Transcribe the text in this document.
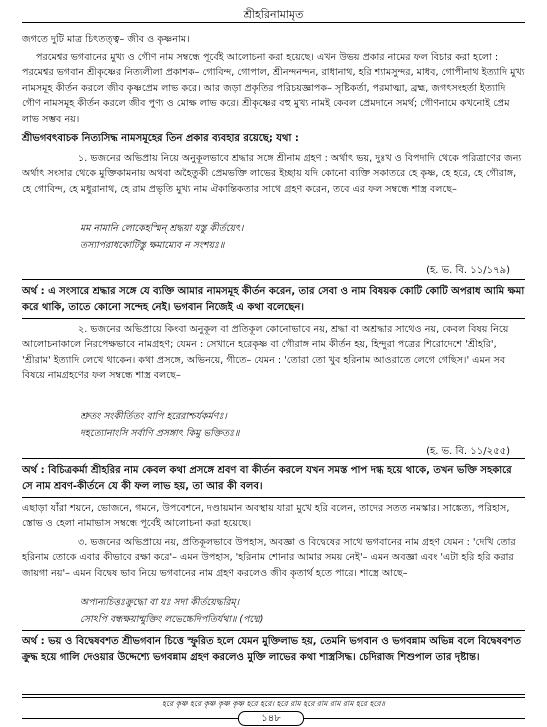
শ্রীহরিনামামৃত
জগতে দুটি মাত্র চিৎতত্ত্ব– জীব ও কৃষ্ণনাম।
পরমেশ্বর ভগবানের মুখ্য ও গৌণ নাম সম্বন্ধে পূর্বেই আলোচনা করা হয়েছে। এখন উভয় প্রকার নামের ফল বিচার করা হলো : পরমেশ্বর ভগবান শ্রীকৃষ্ণের নিত্যলীলা প্রকাশক– গোবিন্দ, গোপাল, শ্রীনন্দনন্দন, রাধানাথ, হরি শ্যামসুন্দর, মাধব, গোপীনাথ ইত্যাদি মুখ্য নামসমূহ কীর্তন করলে জীব কৃষ্ণপ্রেম লাভ করে। আর জড়া প্রকৃতির পরিচয়জ্ঞাপক– সৃষ্টিকর্তা, পরমাত্মা, ব্রহ্ম, জগৎসংহর্তা ইত্যাদি গৌণ নামসমূহ কীর্তন করলে জীব পুণ্য ও মোক্ষ লাভ করে। শ্রীকৃষ্ণের বহু মুখ্য নামই কেবল প্রেমদানে সমর্থ; গৌণনামে কখনোই প্রেম লাভ সম্ভব নয়।
শ্রীভগবৎবাচক নিত্যসিদ্ধ নামসমূহের তিন প্রকার ব্যবহার রয়েছে; যথা :
১. ভজনের অভিপ্রায় নিয়ে অনুকূলভাবে শ্রদ্ধার সঙ্গে শ্রীনাম গ্রহণ : অর্থাৎ ভয়, দুঃখ ও বিপদাদি থেকে পরিত্রাণের জন্য অর্থাৎ সংসার থেকে মুক্তিকামনায় অথবা অহৈতুকী প্রেমভক্তি লাভের ইচ্ছায় যদি কোনো ব্যক্তি সকাতরে হে কৃষ্ণ, হে হরে, হে গৌরাঙ্গ, হে গোবিন্দ, হে মধুরানাথ, হে রাম প্রভৃতি মুখ্য নাম ঐকান্তিকতার সাথে গ্রহণ করেন, তবে এর ফল সম্বন্ধে শাস্ত্র বলছে–
মম নামানি লোকেহস্মিন্ শ্রদ্ধয়া যস্তু কীর্তয়েৎ।
তস্যাপরাধকোটিস্তু ক্ষমাম্যেব ন সংশয়ঃ॥
(হ. ভ. বি. ১১/১৭৯)
অর্থ : এ সংসারে শ্রদ্ধার সঙ্গে যে ব্যক্তি আমার নামসমূহ কীর্তন করেন, তার সেবা ও নাম বিষয়ক কোটি কোটি অপরাধ আমি ক্ষমা করে থাকি, তাতে কোনো সন্দেহ নেই। ভগবান নিজেই এ কথা বলেছেন।
২. ভজনের অভিপ্রায়ে কিংবা অনুকূল বা প্রতিকূল কোনোভাবে নয়, শ্রদ্ধা বা অশ্রদ্ধার সাথেও নয়, কেবল বিষয় নিয়ে আলোচনাকালে নিরপেক্ষভাবে নামগ্রহণ; যেমন : সেখানে হরেকৃষ্ণ বা গৌরাঙ্গ নাম কীর্তন হয়, হিন্দুরা পত্রের শিরোদেশে 'শ্রীহরি', 'শ্রীরাম' ইত্যাদি লেখে থাকেন। কথা প্রসঙ্গে, অভিনয়ে, গীতে– যেমন : 'তোরা তো খুব হরিনাম আওরাতে লেগে গেছিস।' এমন সব বিষয়ে নামগ্রহণের ফল সম্বন্ধে শাস্ত্র বলছে–
শ্রুতং সংকীর্তিতং বাপি হরেরাশ্চর্যকর্মণঃ।
দহত্যোনাংসি সর্বাণি প্রসঙ্গাৎ কিমু ভক্তিতঃ॥
(হ. ভ. বি. ১১/২৫৫)
অর্থ : বিচিত্রকর্মা শ্রীহরির নাম কেবল কথা প্রসঙ্গে শ্রবণ বা কীর্তন করলে যখন সমস্ত পাপ দগ্ধ হয়ে থাকে, তখন ভক্তি সহকারে সে নাম শ্রবণ-কীর্তনে যে কী ফল লাভ হয়, তা আর কী বলব।
এছাড়া যাঁরা শয়নে, ভোজনে, গমনে, উপবেশনে, দণ্ডায়মান অবস্থায় যারা মুখে হরি বলেন, তাদের সতত নমস্কার। সাঙ্কেত্য, পরিহাস, স্তোভ ও হেলা নামাভাস সম্বন্ধে পূর্বেই আলোচনা করা হয়েছে।
৩. ভজনের অভিপ্রায়ে নয়, প্রতিকূলভাবে উপহাস, অবজ্ঞা ও বিদ্বেষের সাথে ভগবানের নাম গ্রহণ যেমন : 'দেখি তোর হরিনাম তোকে এবার কীভাবে রক্ষা করে'– এমন উপহাস, 'হরিনাম শোনার আমার সময় নেই'– এমন অবজ্ঞা এবং 'এটা হরি হরি করার জায়গা নয়'– এমন বিদ্বেষ ভাব নিয়ে ভগবানের নাম গ্রহণ করলেও জীব কৃতার্থ হতে পারে। শাস্ত্রে আছে–
অপ্যন্যচিত্তঃক্রুদ্ধো বা যঃ সদা কীর্তয়েদ্ধরিম্।
সোঽপি বন্ধক্ষয়ান্মুক্তিং লভেচ্চেদিপতির্যথা॥ (পদ্মে)
অর্থ : ভয় ও বিদ্বেষবশত শ্রীভগবান চিত্তে স্ফুরিত হলে যেমন মুক্তিলাভ হয়, তেমনি ভগবান ও ভগবন্নাম অভিন্ন বলে বিদ্বেষবশত ক্রুদ্ধ হয়ে গালি দেওয়ার উদ্দেশ্যে ভগবন্নাম গ্রহণ করলেও মুক্তি লাভের কথা শাস্ত্রসিদ্ধ। চেদিরাজ শিশুপাল তার দৃষ্টান্ত।
হরে কৃষ্ণ হরে কৃষ্ণ কৃষ্ণ কৃষ্ণ হরে হরে। হরে রাম হরে রাম রাম রাম হরে হরে॥
১৪৮
